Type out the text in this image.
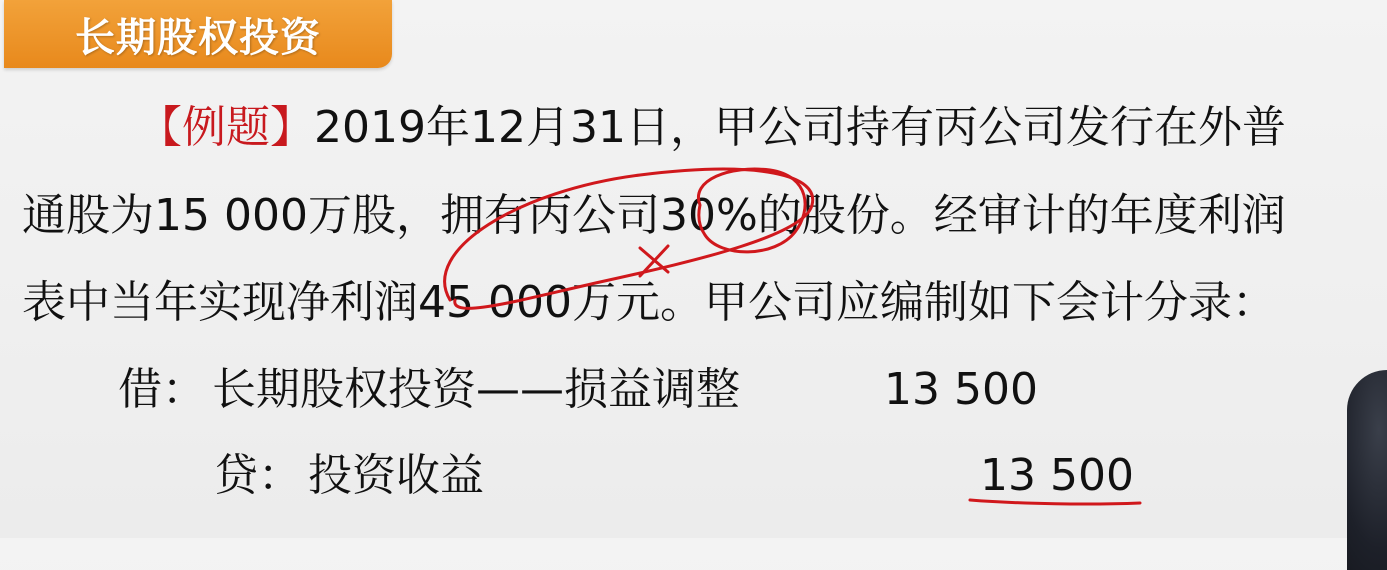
长期股权投资
【例题】2019年12月31日，甲公司持有丙公司发行在外普
通股为15 000万股，拥有丙公司30%的股份。经审计的年度利润
表中当年实现净利润45 000万元。甲公司应编制如下会计分录：
借： 长期股权投资——损益调整	13 500
贷： 投资收益	13 500
